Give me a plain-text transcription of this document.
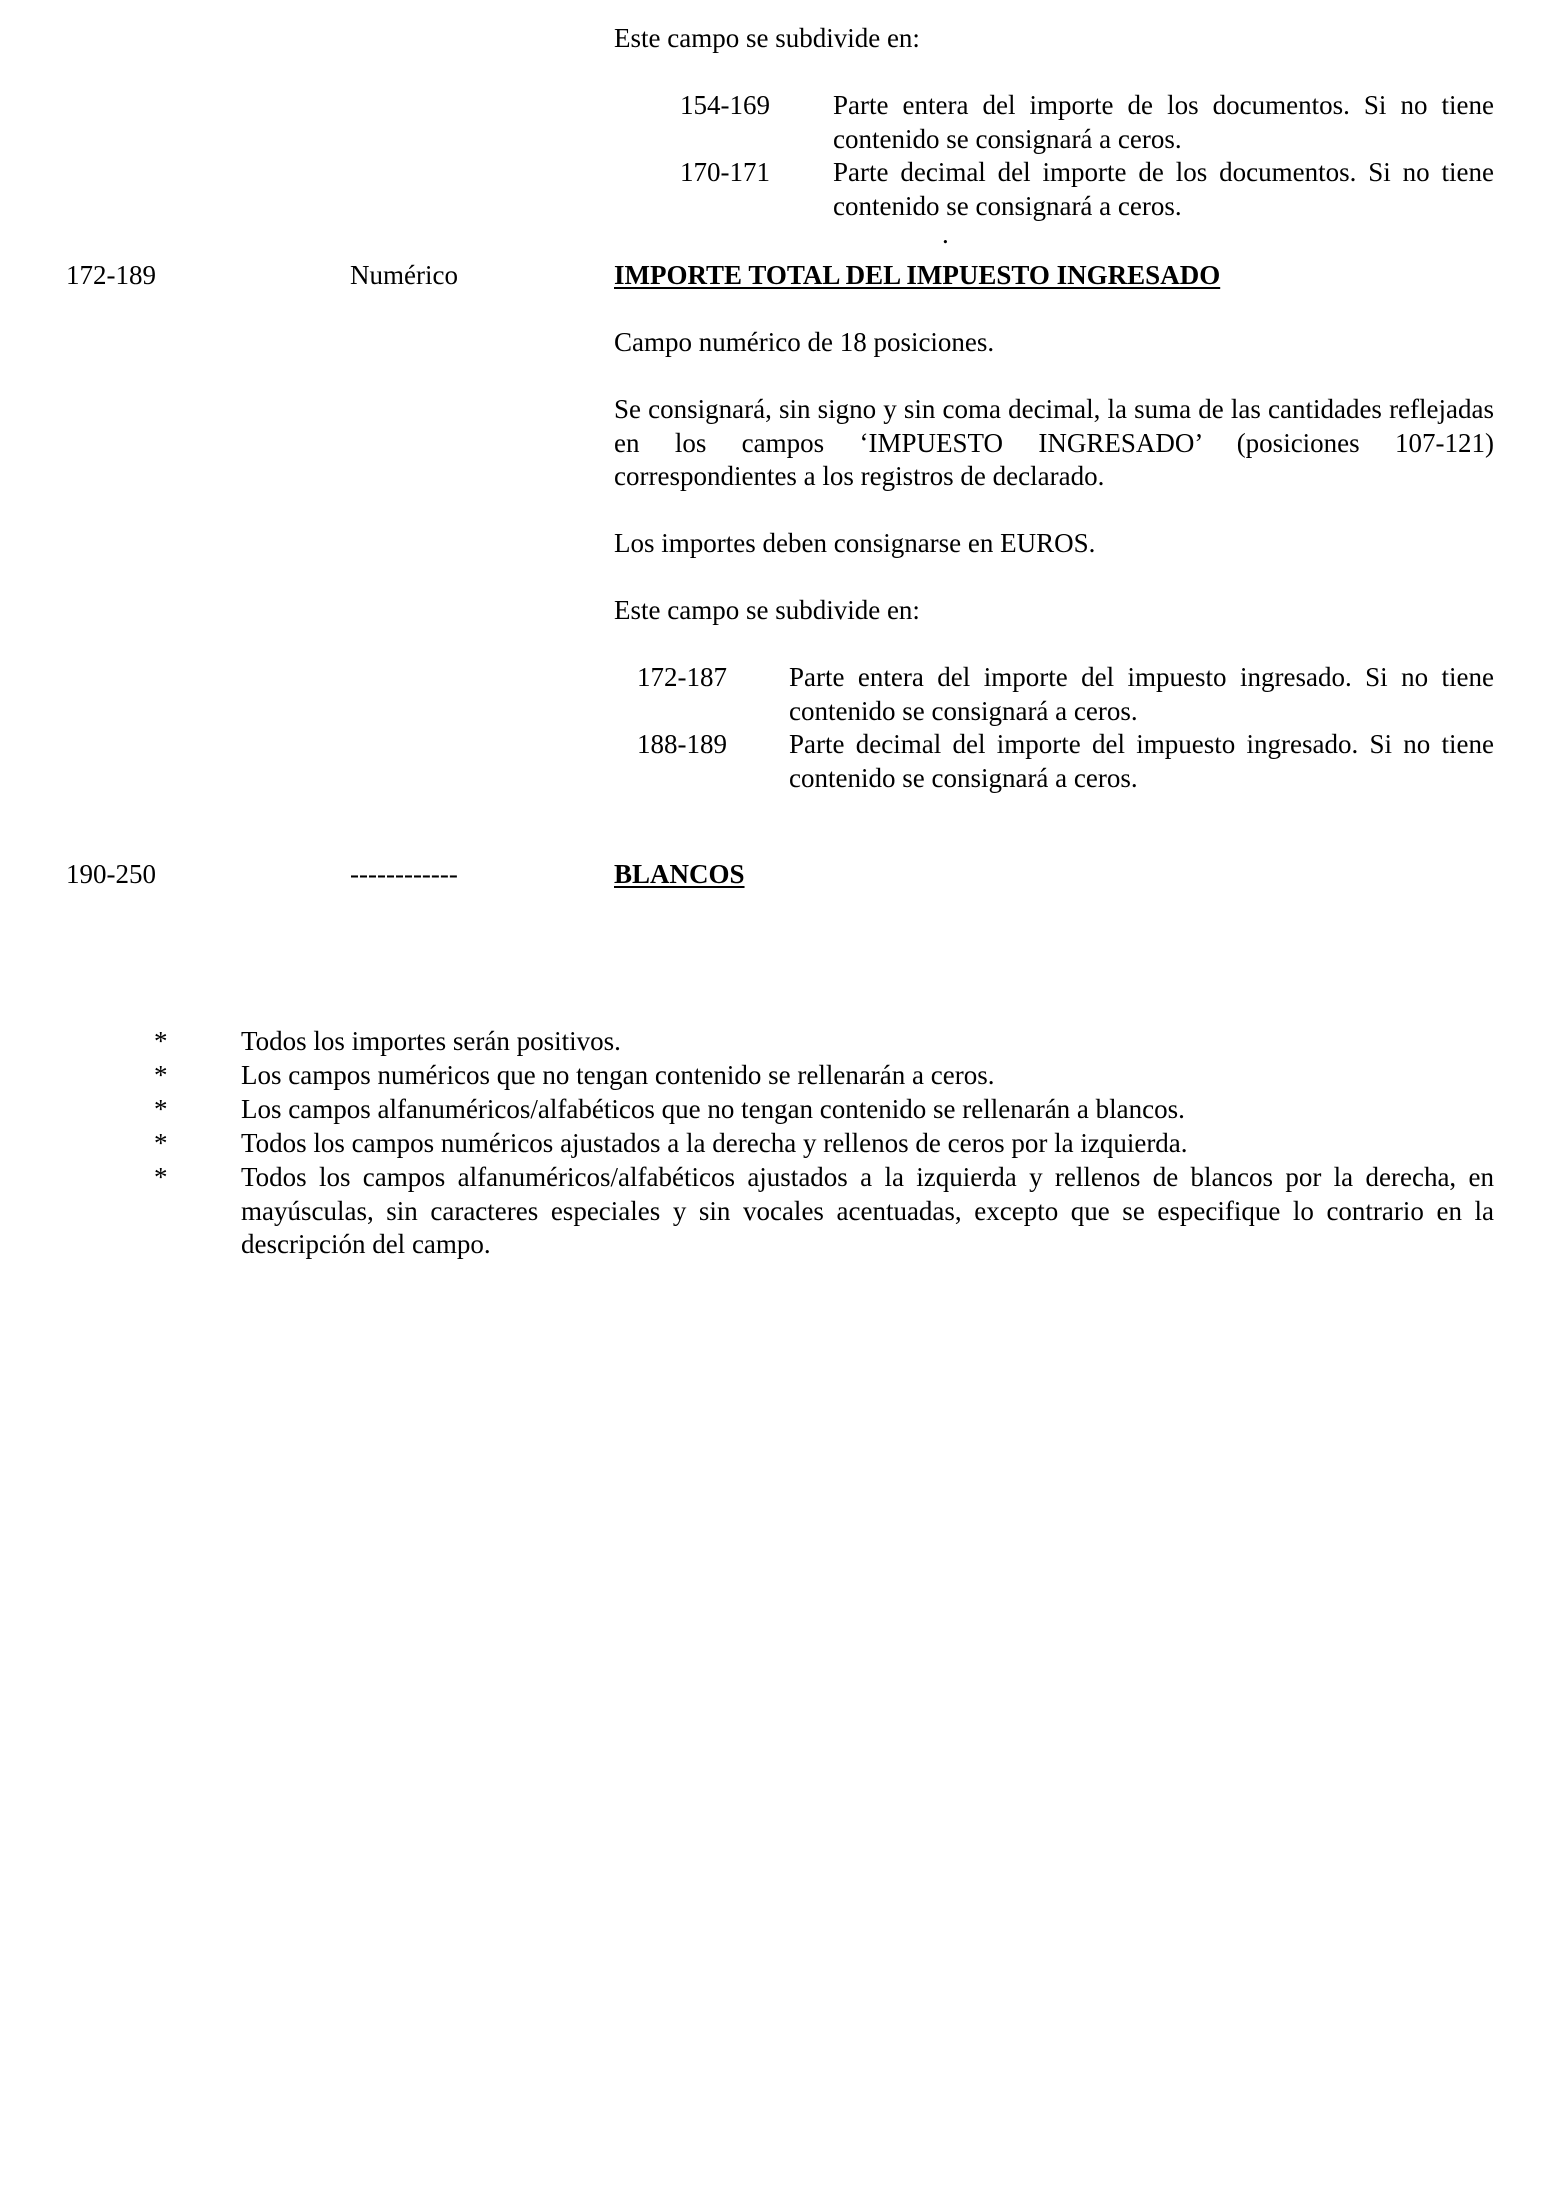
Este campo se subdivide en:
154-169 Parte entera del importe de los documentos. Si no tiene contenido se consignará a ceros.
170-171 Parte decimal del importe de los documentos. Si no tiene contenido se consignará a ceros.
.
172-189	Numérico	IMPORTE TOTAL DEL IMPUESTO INGRESADO
Campo numérico de 18 posiciones.
Se consignará, sin signo y sin coma decimal, la suma de las cantidades reflejadas en los campos ‘IMPUESTO INGRESADO’ (posiciones 107-121) correspondientes a los registros de declarado.
Los importes deben consignarse en EUROS.
Este campo se subdivide en:
172-187 Parte entera del importe del impuesto ingresado. Si no tiene contenido se consignará a ceros.
188-189 Parte decimal del importe del impuesto ingresado. Si no tiene contenido se consignará a ceros.
190-250	------------	BLANCOS
*	Todos los importes serán positivos.
*	Los campos numéricos que no tengan contenido se rellenarán a ceros.
*	Los campos alfanuméricos/alfabéticos que no tengan contenido se rellenarán a blancos.
*	Todos los campos numéricos ajustados a la derecha y rellenos de ceros por la izquierda.
*	Todos los campos alfanuméricos/alfabéticos ajustados a la izquierda y rellenos de blancos por la derecha, en mayúsculas, sin caracteres especiales y sin vocales acentuadas, excepto que se especifique lo contrario en la descripción del campo.
